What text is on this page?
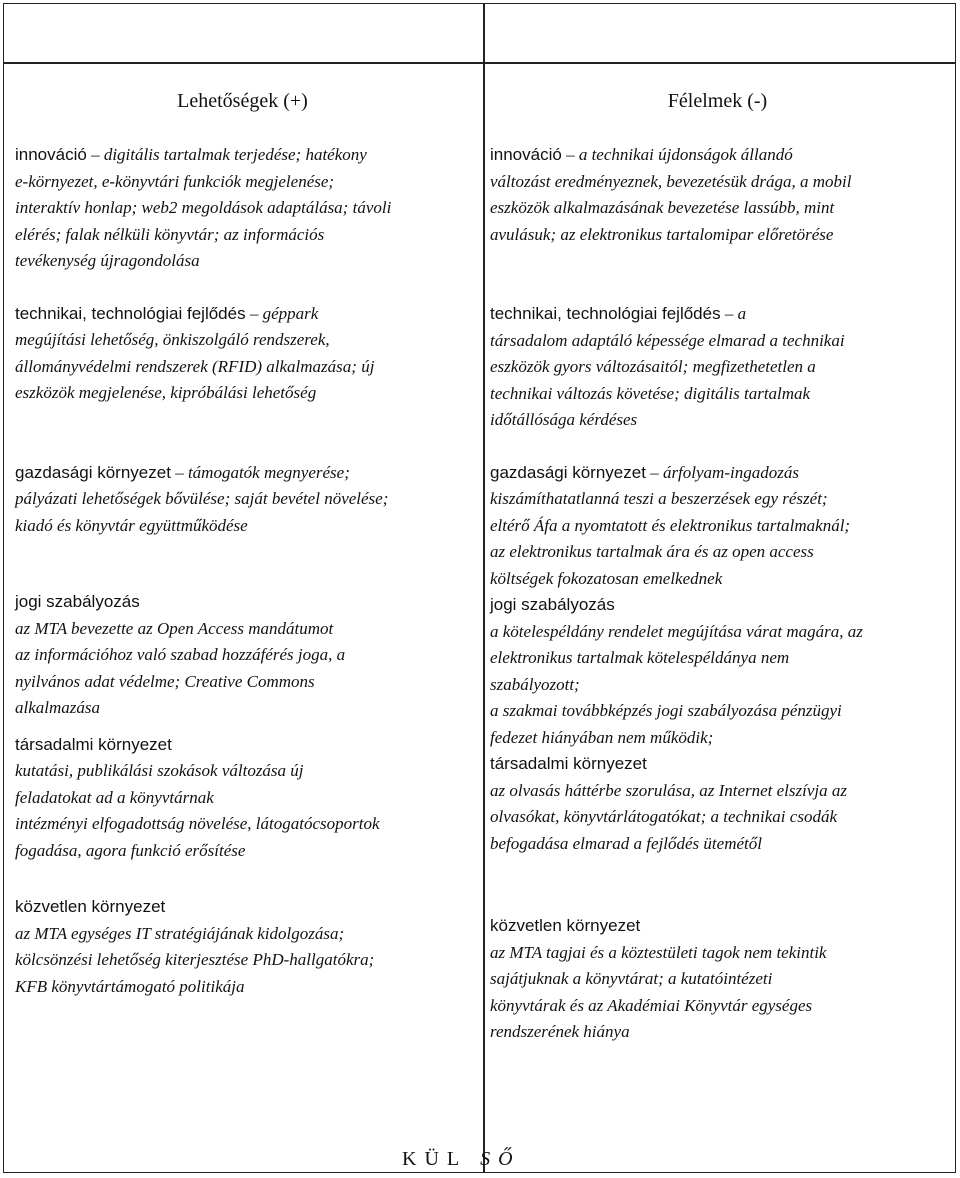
Lehetőségek (+)
innováció – digitális tartalmak terjedése; hatékony
e-környezet, e-könyvtári funkciók megjelenése;
interaktív honlap; web2 megoldások adaptálása; távoli
elérés; falak nélküli könyvtár; az információs
tevékenység újragondolása
technikai, technológiai fejlődés – géppark
megújítási lehetőség, önkiszolgáló rendszerek,
állományvédelmi rendszerek (RFID) alkalmazása; új
eszközök megjelenése, kipróbálási lehetőség
gazdasági környezet – támogatók megnyerése;
pályázati lehetőségek bővülése; saját bevétel növelése;
kiadó és könyvtár együttműködése
jogi szabályozás
az MTA bevezette az Open Access mandátumot
az információhoz való szabad hozzáférés joga, a
nyilvános adat védelme; Creative Commons
alkalmazása
társadalmi környezet
kutatási, publikálási szokások változása új
feladatokat ad a könyvtárnak
intézményi elfogadottság növelése, látogatócsoportok
fogadása, agora funkció erősítése
közvetlen környezet
az MTA egységes IT stratégiájának kidolgozása;
kölcsönzési lehetőség kiterjesztése PhD-hallgatókra;
KFB könyvtártámogató politikája
Félelmek (-)
innováció – a technikai újdonságok állandó
változást eredményeznek, bevezetésük drága, a mobil
eszközök alkalmazásának bevezetése lassúbb, mint
avulásuk; az elektronikus tartalomipar előretörése
technikai, technológiai fejlődés – a
társadalom adaptáló képessége elmarad a technikai
eszközök gyors változásaitól; megfizethetetlen a
technikai változás követése; digitális tartalmak
időtállósága kérdéses
gazdasági környezet – árfolyam-ingadozás
kiszámíthatatlanná teszi a beszerzések egy részét;
eltérő Áfa a nyomtatott és elektronikus tartalmaknál;
az elektronikus tartalmak ára és az open access
költségek fokozatosan emelkednek
jogi szabályozás
a kötelespéldány rendelet megújítása várat magára, az
elektronikus tartalmak kötelespéldánya nem
szabályozott;
a szakmai továbbképzés jogi szabályozása pénzügyi
fedezet hiányában nem működik;
társadalmi környezet
az olvasás háttérbe szorulása, az Internet elszívja az
olvasókat, könyvtárlátogatókat; a technikai csodák
befogadása elmarad a fejlődés ütemétől
közvetlen környezet
az MTA tagjai és a köztestületi tagok nem tekintik
sajátjuknak a könyvtárat; a kutatóintézeti
könyvtárak és az Akadémiai Könyvtár egységes
rendszerének hiánya
KÜL SŐ
